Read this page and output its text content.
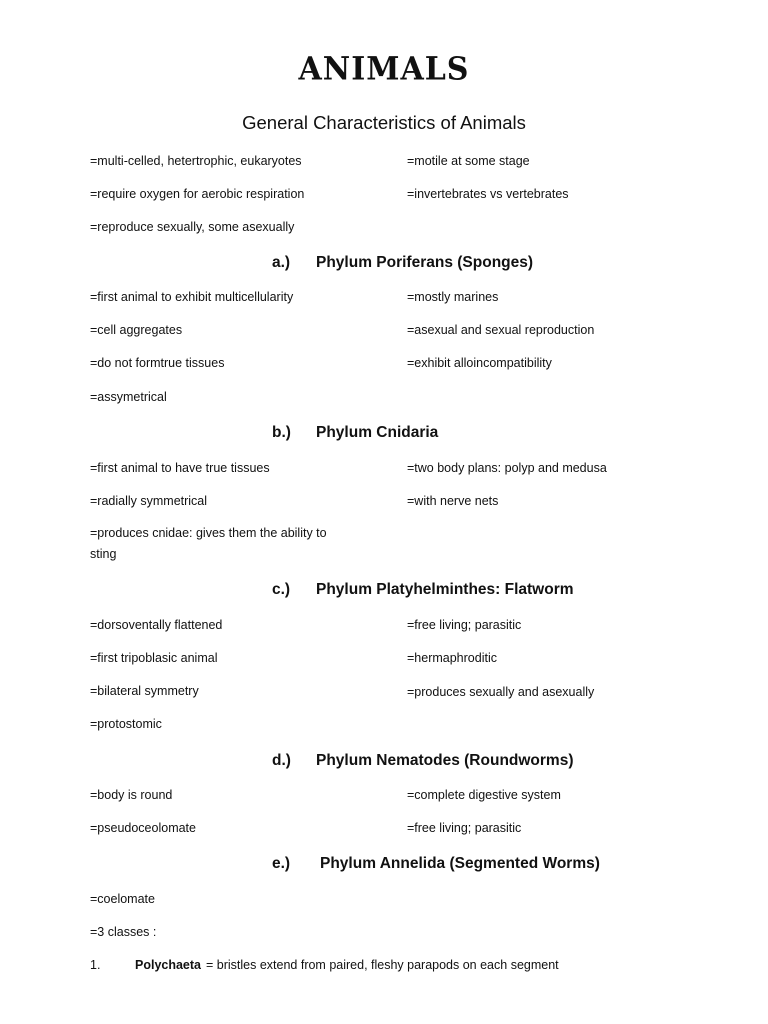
ANIMALS
General Characteristics of Animals
=multi-celled, hetertrophic, eukaryotes	=motile at some stage
=require oxygen for aerobic respiration	=invertebrates vs vertebrates
=reproduce sexually, some asexually
a.) Phylum Poriferans (Sponges)
=first animal to exhibit multicellularity	=mostly marines
=cell aggregates	=asexual and sexual reproduction
=do not formtrue tissues	=exhibit alloincompatibility
=assymetrical
b.) Phylum Cnidaria
=first animal to have true tissues	=two body plans: polyp and medusa
=radially symmetrical	=with nerve nets
=produces cnidae: gives them the ability to
sting
c.) Phylum Platyhelminthes: Flatworm
=dorsoventally flattened	=free living; parasitic
=first tripoblasic animal	=hermaphroditic
=bilateral symmetry	=produces sexually and asexually
=protostomic
d.) Phylum Nematodes (Roundworms)
=body is round	=complete digestive system
=pseudoceolomate	=free living; parasitic
e.) Phylum Annelida (Segmented Worms)
=coelomate
=3 classes :
1.	Polychaeta = bristles extend from paired, fleshy parapods on each segment
